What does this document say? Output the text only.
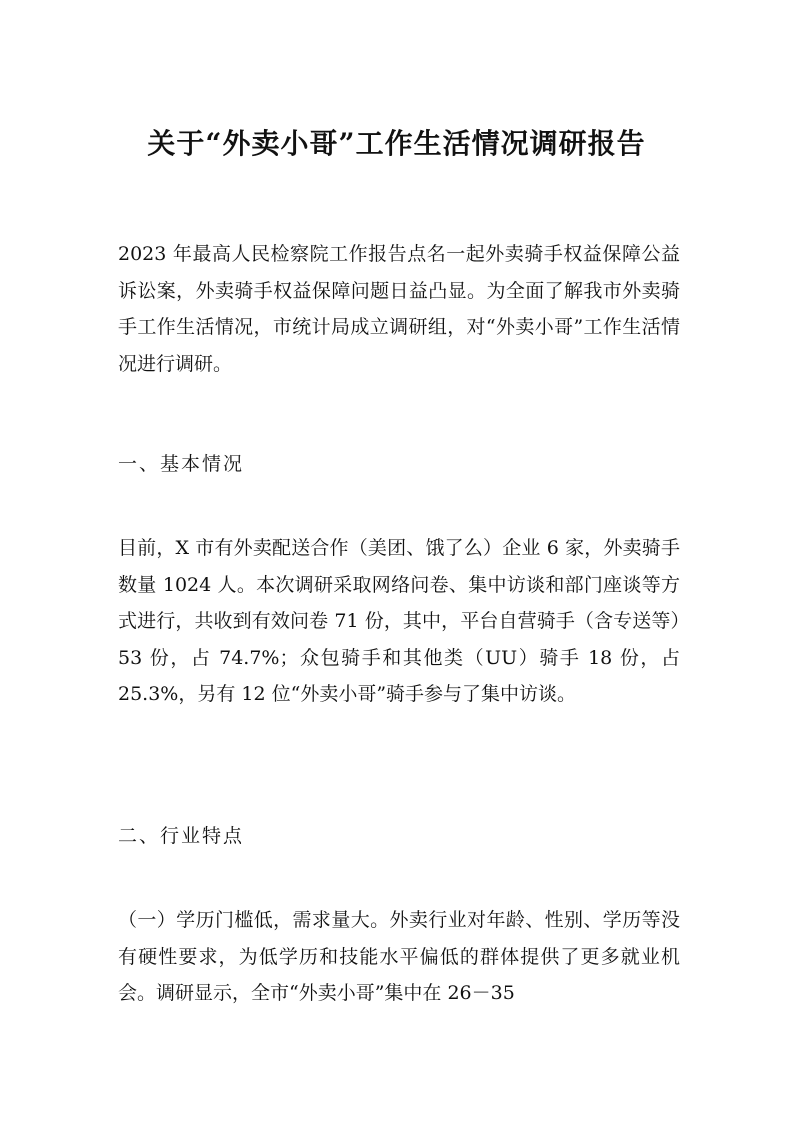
关于“外卖小哥”工作生活情况调研报告

2023 年最高人民检察院工作报告点名一起外卖骑手权益保障公益诉讼案，外卖骑手权益保障问题日益凸显。为全面了解我市外卖骑手工作生活情况，市统计局成立调研组，对“外卖小哥”工作生活情况进行调研。

一、基本情况

目前，X 市有外卖配送合作（美团、饿了么）企业 6 家，外卖骑手数量 1024 人。本次调研采取网络问卷、集中访谈和部门座谈等方式进行，共收到有效问卷 71 份，其中，平台自营骑手（含专送等）53 份，占 74.7%；众包骑手和其他类（UU）骑手 18 份，占 25.3%，另有 12 位“外卖小哥”骑手参与了集中访谈。

二、行业特点

（一）学历门槛低，需求量大。外卖行业对年龄、性别、学历等没有硬性要求，为低学历和技能水平偏低的群体提供了更多就业机会。调研显示，全市“外卖小哥”集中在 26－35
